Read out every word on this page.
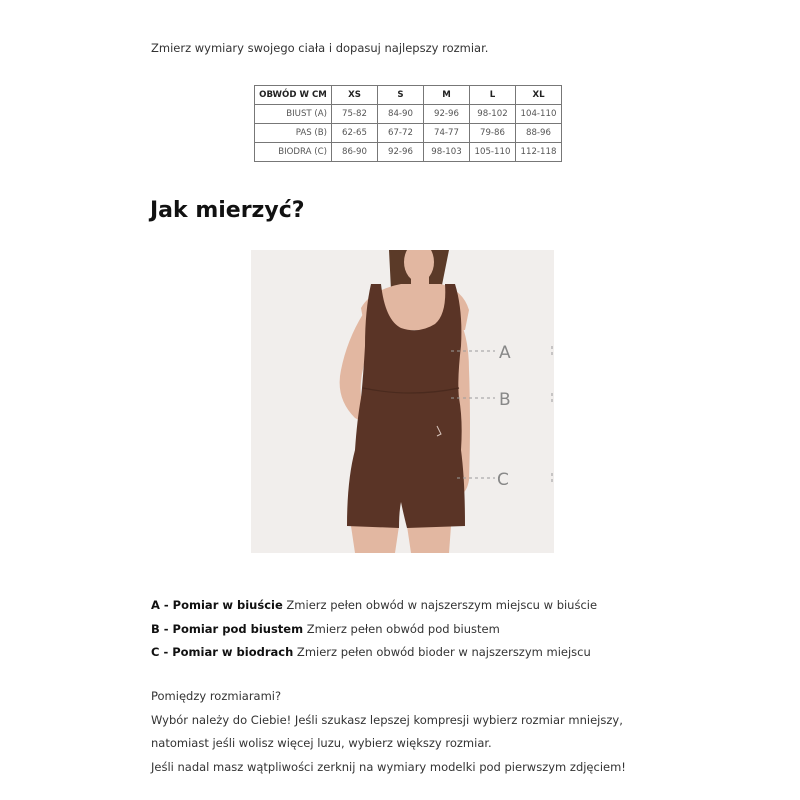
Zmierz wymiary swojego ciała i dopasuj najlepszy rozmiar.
OBWÓD W CM	XS	S	M	L	XL
BIUST (A)	75-82	84-90	92-96	98-102	104-110
PAS (B)	62-65	67-72	74-77	79-86	88-96
BIODRA (C)	86-90	92-96	98-103	105-110	112-118
Jak mierzyć?
A
B
C
A - Pomiar w biuście Zmierz pełen obwód w najszerszym miejscu w biuście
B - Pomiar pod biustem Zmierz pełen obwód pod biustem
C - Pomiar w biodrach Zmierz pełen obwód bioder w najszerszym miejscu
Pomiędzy rozmiarami?
Wybór należy do Ciebie! Jeśli szukasz lepszej kompresji wybierz rozmiar mniejszy,
natomiast jeśli wolisz więcej luzu, wybierz większy rozmiar.
Jeśli nadal masz wątpliwości zerknij na wymiary modelki pod pierwszym zdjęciem!
